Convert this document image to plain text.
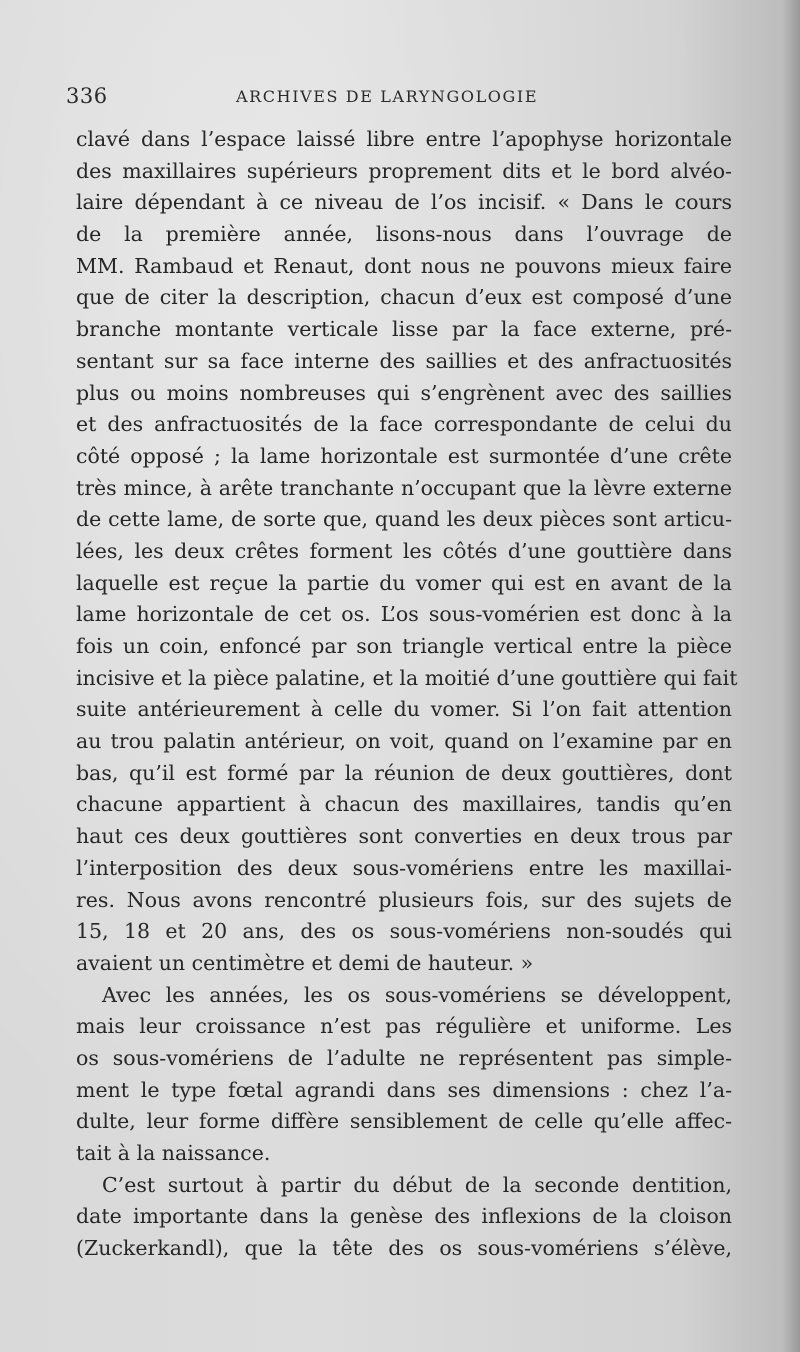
336	ARCHIVES DE LARYNGOLOGIE
clavé dans l’espace laissé libre entre l’apophyse horizontale
des maxillaires supérieurs proprement dits et le bord alvéo-
laire dépendant à ce niveau de l’os incisif. « Dans le cours
de la première année, lisons-nous dans l’ouvrage de
MM. Rambaud et Renaut, dont nous ne pouvons mieux faire
que de citer la description, chacun d’eux est composé d’une
branche montante verticale lisse par la face externe, pré-
sentant sur sa face interne des saillies et des anfractuosités
plus ou moins nombreuses qui s’engrènent avec des saillies
et des anfractuosités de la face correspondante de celui du
côté opposé ; la lame horizontale est surmontée d’une crête
très mince, à arête tranchante n’occupant que la lèvre externe
de cette lame, de sorte que, quand les deux pièces sont articu-
lées, les deux crêtes forment les côtés d’une gouttière dans
laquelle est reçue la partie du vomer qui est en avant de la
lame horizontale de cet os. L’os sous-vomérien est donc à la
fois un coin, enfoncé par son triangle vertical entre la pièce
incisive et la pièce palatine, et la moitié d’une gouttière qui fait
suite antérieurement à celle du vomer. Si l’on fait attention
au trou palatin antérieur, on voit, quand on l’examine par en
bas, qu’il est formé par la réunion de deux gouttières, dont
chacune appartient à chacun des maxillaires, tandis qu’en
haut ces deux gouttières sont converties en deux trous par
l’interposition des deux sous-vomériens entre les maxillai-
res. Nous avons rencontré plusieurs fois, sur des sujets de
15, 18 et 20 ans, des os sous-vomériens non-soudés qui
avaient un centimètre et demi de hauteur. »
Avec les années, les os sous-vomériens se développent,
mais leur croissance n’est pas régulière et uniforme. Les
os sous-vomériens de l’adulte ne représentent pas simple-
ment le type fœtal agrandi dans ses dimensions : chez l’a-
dulte, leur forme diffère sensiblement de celle qu’elle affec-
tait à la naissance.
C’est surtout à partir du début de la seconde dentition,
date importante dans la genèse des inflexions de la cloison
(Zuckerkandl), que la tête des os sous-vomériens s’élève,
